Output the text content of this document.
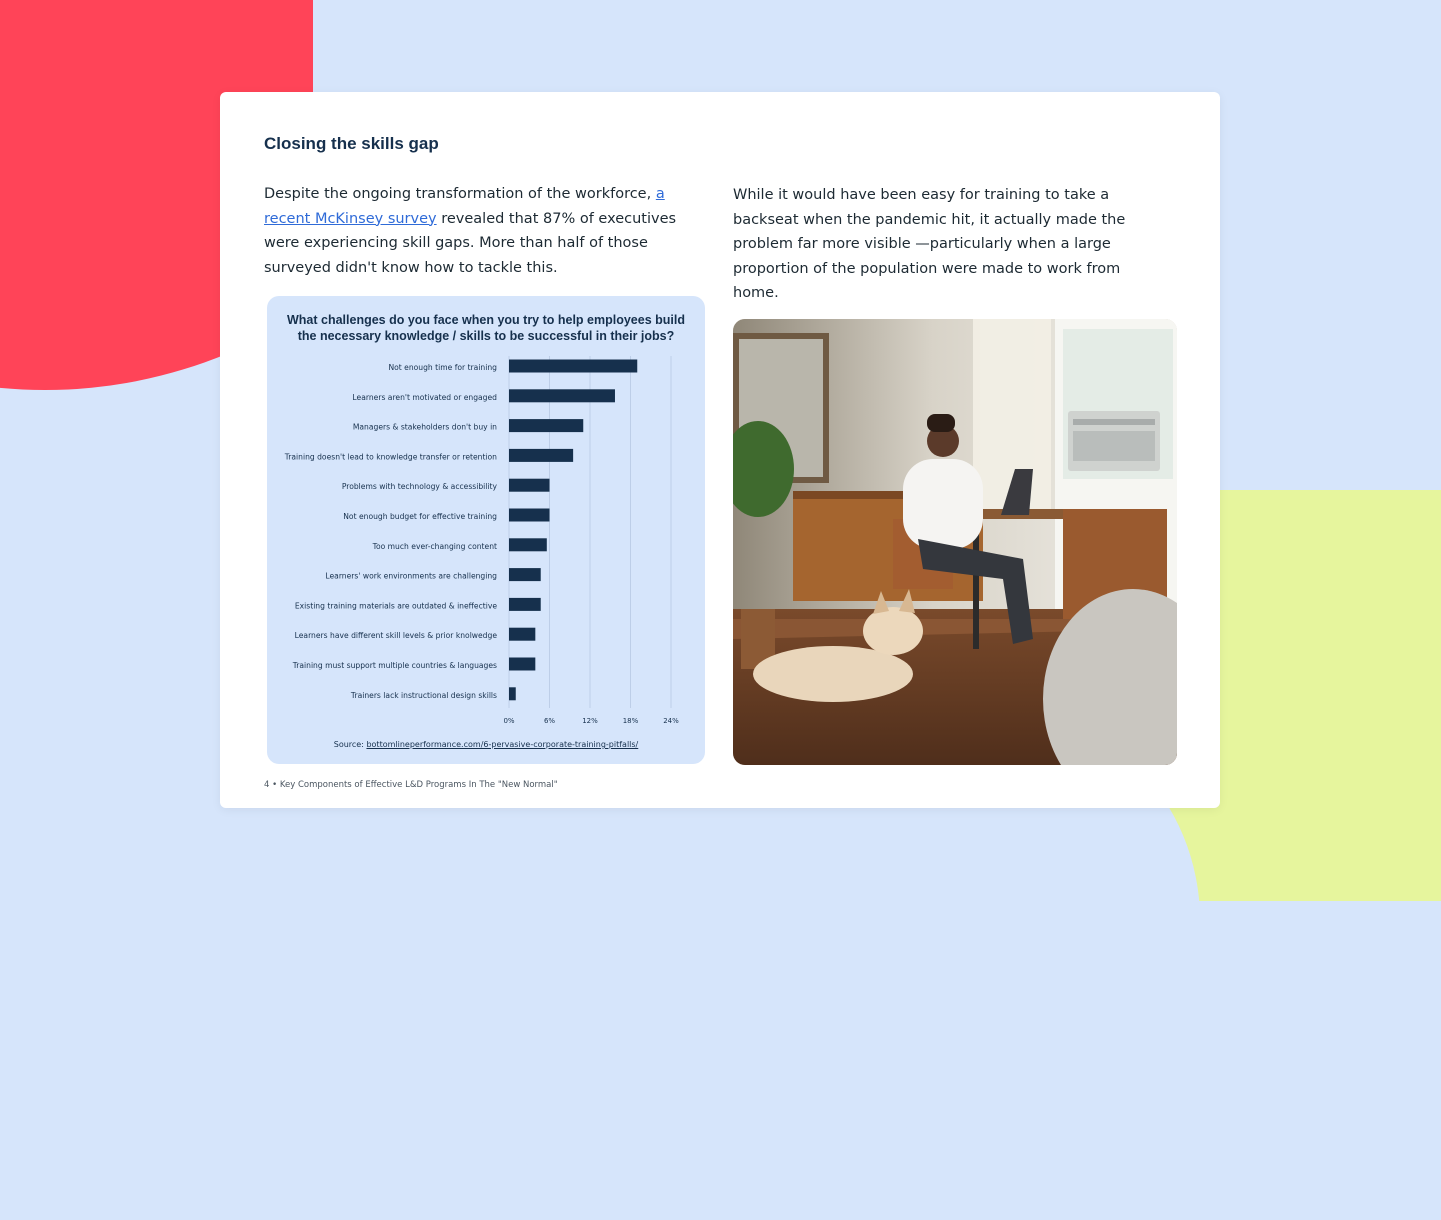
Closing the skills gap

Despite the ongoing transformation of the workforce, a recent McKinsey survey revealed that 87% of executives were experiencing skill gaps. More than half of those surveyed didn't know how to tackle this.

While it would have been easy for training to take a backseat when the pandemic hit, it actually made the problem far more visible —particularly when a large proportion of the population were made to work from home.

What challenges do you face when you try to help employees build the necessary knowledge / skills to be successful in their jobs?

Not enough time for training
Learners aren't motivated or engaged
Managers & stakeholders don't buy in
Training doesn't lead to knowledge transfer or retention
Problems with technology & accessibility
Not enough budget for effective training
Too much ever-changing content
Learners' work environments are challenging
Existing training materials are outdated & ineffective
Learners have different skill levels & prior knolwedge
Training must support multiple countries & languages
Trainers lack instructional design skills
0%	6%	12%	18%	24%
Source: bottomlineperformance.com/6-pervasive-corporate-training-pitfalls/
4 • Key Components of Effective L&D Programs In The "New Normal"
